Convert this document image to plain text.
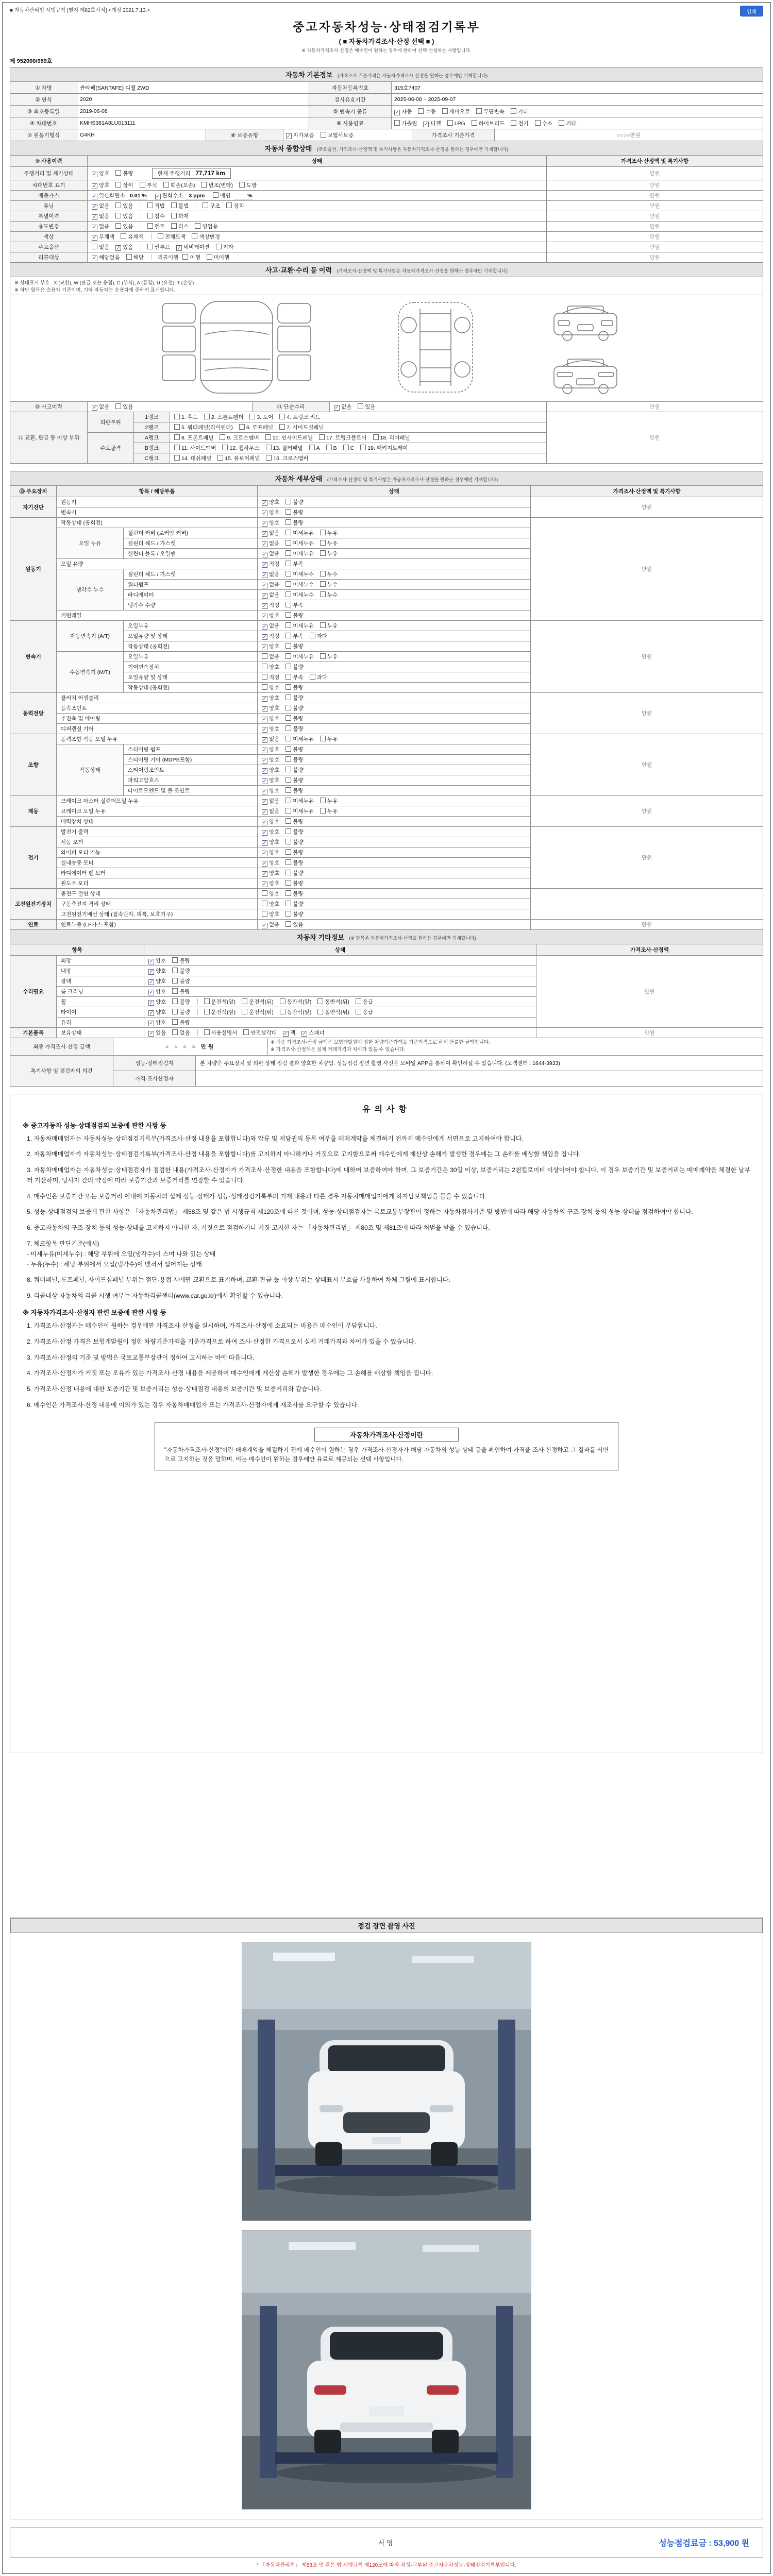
■ 자동차관리법 시행규칙 [별지 제82호서식] <개정 2021.7.13.>	인쇄
중고자동차성능·상태점검기록부
( ■ 자동차가격조사·산정 선택 ■ )
※ 자동차가격조사·산정은 매수인이 원하는 경우에 한하여 선택·신청하는 사항입니다.
제 952000/959호
자동차 기본정보 (가격조사 기준가격은 자동차가격조사·산정을 원하는 경우에만 기재합니다)
① 차명	싼타페(SANTAFE) 디젤 2WD	자동차등록번호	315호7407
② 연식	2020	검사유효기간	2025-06-08 ~ 2025-09-07
③ 최초등록일	2019-06-08	⑤ 변속기 종류	✓ 자동 수동 세미오토 무단변속 기타
④ 차대번호	KMHS381A8LU013111	⑥ 사용연료	가솔린 ✓ 디젤 LPG 하이브리드 전기 수소 기타
⑦ 원동기형식	G4KH	⑧ 보증유형	✓ 자가보증 보험사보증	가격조사 기준가격	○○○○만원
자동차 종합상태 (주요옵션, 가격조사·산정액 및 특기사항은 자동차가격조사·산정을 원하는 경우에만 기재합니다)
⑨ 사용이력	상태	가격조사·산정액 및 특기사항
주행거리 및 계기상태	✓ 양호 불량 현재 주행거리 77,717 km	만원
차대번호 표기	✓ 양호 상이 부식 훼손(오손) 변조(변타) 도말	만원
배출가스	✓ 일산화탄소 0.01 % ✓ 탄화수소 3 ppm 매연 %	만원
튜닝	✓ 없음 있음 적법 불법 구조 장치	만원
특별이력	✓ 없음 있음 침수 화재	만원
용도변경	✓ 없음 있음 렌트 리스 영업용	만원
색상	✓ 무채색 유채색 전체도색 색상변경	만원
주요옵션	없음 ✓ 있음 썬루프 ✓ 네비게이션 기타	만원
리콜대상	✓ 해당없음 해당 리콜이행 이행 미이행	만원
사고·교환·수리 등 이력 (가격조사·산정액 및 특기사항은 자동차가격조사·산정을 원하는 경우에만 기재합니다)
※ 상태표시 부호 : X (교환), W (판금 또는 용접), C (부식), A (흠집), U (요철), T (손상)
※ 하단 항목은 승용차 기준이며, 기타 자동차는 승용차에 준하여 표시합니다.
⑩ 사고이력	✓ 없음 있음	⑪ 단순수리	✓ 없음 있음	만원
⑫ 교환, 판금 등 이상 부위	외판부위	1랭크	1. 후드 2. 프론트펜더 3. 도어 4. 트렁크 리드	만원
		2랭크	5. 쿼터패널(리어펜더) 6. 루프패널 7. 사이드실패널	
	주요골격	A랭크	8. 프론트패널 9. 크로스멤버 10. 인사이드패널 17. 트렁크플로어 18. 리어패널	
		B랭크	11. 사이드멤버 12. 휠하우스 13. 필러패널 A B C 19. 패키지트레이	
		C랭크	14. 대쉬패널 15. 플로어패널 16. 크로스멤버	
자동차 세부상태 (가격조사·산정액 및 특기사항은 자동차가격조사·산정을 원하는 경우에만 기재합니다)
⑬ 주요장치	항목 / 해당부품		상태	가격조사·산정액 및 특기사항
자기진단	원동기		✓ 양호 불량	만원
	변속기		✓ 양호 불량	
원동기	작동상태 (공회전)		✓ 양호 불량	만원
	오일 누유	실린더 커버 (로커암 커버)	✓ 없음 미세누유 누유	
		실린더 헤드 / 가스켓	✓ 없음 미세누유 누유	
		실린더 블록 / 오일팬	✓ 없음 미세누유 누유	
	오일 유량		✓ 적정 부족	
	냉각수 누수	실린더 헤드 / 가스켓	✓ 없음 미세누수 누수	
		워터펌프	✓ 없음 미세누수 누수	
		라디에이터	✓ 없음 미세누수 누수	
		냉각수 수량	✓ 적정 부족	
	커먼레일		✓ 양호 불량	
변속기	자동변속기 (A/T)	오일누유	✓ 없음 미세누유 누유	만원
		오일유량 및 상태	✓ 적정 부족 과다	
		작동상태 (공회전)	✓ 양호 불량	
	수동변속기 (M/T)	오일누유	없음 미세누유 누유	
		기어변속장치	양호 불량	
		오일유량 및 상태	적정 부족 과다	
		작동상태 (공회전)	양호 불량	
동력전달	클러치 어셈블리		✓ 양호 불량	만원
	등속조인트		✓ 양호 불량	
	추진축 및 베어링		✓ 양호 불량	
	디퍼렌셜 기어		✓ 양호 불량	
조향	동력조향 작동 오일 누유		✓ 없음 미세누유 누유	만원
	작동상태	스티어링 펌프	✓ 양호 불량	
		스티어링 기어 (MDPS포함)	✓ 양호 불량	
		스티어링조인트	✓ 양호 불량	
		파워고압호스	✓ 양호 불량	
		타이로드엔드 및 볼 조인트	✓ 양호 불량	
제동	브레이크 마스터 실린더오일 누유		✓ 없음 미세누유 누유	만원
	브레이크 오일 누유		✓ 없음 미세누유 누유	
	배력장치 상태		✓ 양호 불량	
전기	발전기 출력		✓ 양호 불량	만원
	시동 모터		✓ 양호 불량	
	와이퍼 모터 기능		✓ 양호 불량	
	실내송풍 모터		✓ 양호 불량	
	라디에이터 팬 모터		✓ 양호 불량	
	윈도우 모터		✓ 양호 불량	
고전원전기장치	충전구 절연 상태		양호 불량	
	구동축전지 격리 상태		양호 불량	
	고전원전기배선 상태 (접속단자, 피복, 보호기구)		양호 불량	
연료	연료누출 (LP가스 포함)		✓ 없음 있음	만원
자동차 기타정보 (※ 항목은 자동차가격조사·산정을 원하는 경우에만 기재합니다)
항목		상태	가격조사·산정액
수리필요	외장	✓ 양호 불량	만원
	내장	✓ 양호 불량	
	광택	✓ 양호 불량	
	룸 크리닝	✓ 양호 불량	
	휠	✓ 양호 불량 운전석(앞) 운전석(뒤) 동반석(앞) 동반석(뒤) 응급	
	타이어	✓ 양호 불량 운전석(앞) 운전석(뒤) 동반석(앞) 동반석(뒤) 응급	
	유리	✓ 양호 불량	
기본품목	보유상태	✓ 있음 없음 사용설명서 안전삼각대 ✓ 잭 ✓ 스패너	만원
최종 가격조사·산정 금액	○ ○ ○ ○ 만원	
※ 최종 가격조사·산정 금액은 보험개발원이 정한 차량기준가액을 기준가격으로 하여 산출한 금액입니다.
※ 가격조사·산정액은 실제 거래가격과 차이가 있을 수 있습니다.
특기사항 및 점검자의 의견	성능·상태점검자	본 차량은 주요장치 및 외판 상태 점검 결과 양호한 차량임. 성능점검 장면 촬영 사진은 모바일 APP을 통하여 확인하실 수 있습니다. (고객센터 : 1644-3933)
	가격·조사산정자	
유의사항
※ 중고자동차 성능·상태점검의 보증에 관한 사항 등
1. 자동차매매업자는 자동차성능·상태점검기록부(가격조사·산정 내용을 포함합니다)와 압류 및 저당권의 등록 여부를 매매계약을 체결하기 전까지 매수인에게 서면으로 고지하여야 합니다.
2. 자동차매매업자가 자동차성능·상태점검기록부(가격조사·산정 내용을 포함합니다)를 고지하지 아니하거나 거짓으로 고지함으로써 매수인에게 재산상 손해가 발생한 경우에는 그 손해를 배상할 책임을 집니다.
3. 자동차매매업자는 자동차성능·상태점검자가 점검한 내용(가격조사·산정자가 가격조사·산정한 내용을 포함합니다)에 대하여 보증하여야 하며, 그 보증기간은 30일 이상, 보증거리는 2천킬로미터 이상이어야 합니다. 이 경우 보증기간 및 보증거리는 매매계약을 체결한 날부터 기산하며, 당사자 간의 약정에 따라 보증기간과 보증거리를 연장할 수 있습니다.
4. 매수인은 보증기간 또는 보증거리 이내에 자동차의 실제 성능·상태가 성능·상태점검기록부의 기재 내용과 다른 경우 자동차매매업자에게 하자담보책임을 물을 수 있습니다.
5. 성능·상태점검의 보증에 관한 사항은 「자동차관리법」 제58조 및 같은 법 시행규칙 제120조에 따른 것이며, 성능·상태점검자는 국토교통부장관이 정하는 자동차검사기준 및 방법에 따라 해당 자동차의 구조·장치 등의 성능·상태를 점검하여야 합니다.
6. 중고자동차의 구조·장치 등의 성능·상태를 고지하지 아니한 자, 거짓으로 점검하거나 거짓 고지한 자는 「자동차관리법」 제80조 및 제81조에 따라 처벌을 받을 수 있습니다.
7. 체크항목 판단기준(예시)
- 미세누유(미세누수) : 해당 부위에 오일(냉각수)이 스며 나와 있는 상태
- 누유(누수) : 해당 부위에서 오일(냉각수)이 맺혀서 떨어지는 상태
8. 쿼터패널, 루프패널, 사이드실패널 부위는 절단·용접 시에만 교환으로 표기하며, 교환·판금 등 이상 부위는 상태표시 부호를 사용하여 차체 그림에 표시합니다.
9. 리콜대상 자동차의 리콜 시행 여부는 자동차리콜센터(www.car.go.kr)에서 확인할 수 있습니다.
※ 자동차가격조사·산정자 관련 보증에 관한 사항 등
1. 가격조사·산정자는 매수인이 원하는 경우에만 가격조사·산정을 실시하며, 가격조사·산정에 소요되는 비용은 매수인이 부담합니다.
2. 가격조사·산정 가격은 보험개발원이 정한 차량기준가액을 기준가격으로 하여 조사·산정한 가격으로서 실제 거래가격과 차이가 있을 수 있습니다.
3. 가격조사·산정의 기준 및 방법은 국토교통부장관이 정하여 고시하는 바에 따릅니다.
4. 가격조사·산정자가 거짓 또는 오류가 있는 가격조사·산정 내용을 제공하여 매수인에게 재산상 손해가 발생한 경우에는 그 손해를 배상할 책임을 집니다.
5. 가격조사·산정 내용에 대한 보증기간 및 보증거리는 성능·상태점검 내용의 보증기간 및 보증거리와 같습니다.
6. 매수인은 가격조사·산정 내용에 이의가 있는 경우 자동차매매업자 또는 가격조사·산정자에게 재조사를 요구할 수 있습니다.
자동차가격조사·산정이란
"자동차가격조사·산정"이란 매매계약을 체결하기 전에 매수인이 원하는 경우 가격조사·산정자가 해당 자동차의 성능·상태 등을 확인하여 가격을 조사·산정하고 그 결과를 서면으로 고지하는 것을 말하며, 이는 매수인이 원하는 경우에만 유료로 제공되는 선택 사항입니다.
점검 장면 촬영 사진
서명	성능점검료금 : 53,900 원
* 「자동차관리법」 제58조 및 같은 법 시행규칙 제120조에 따라 작성·교부된 중고자동차성능·상태점검기록부입니다.
